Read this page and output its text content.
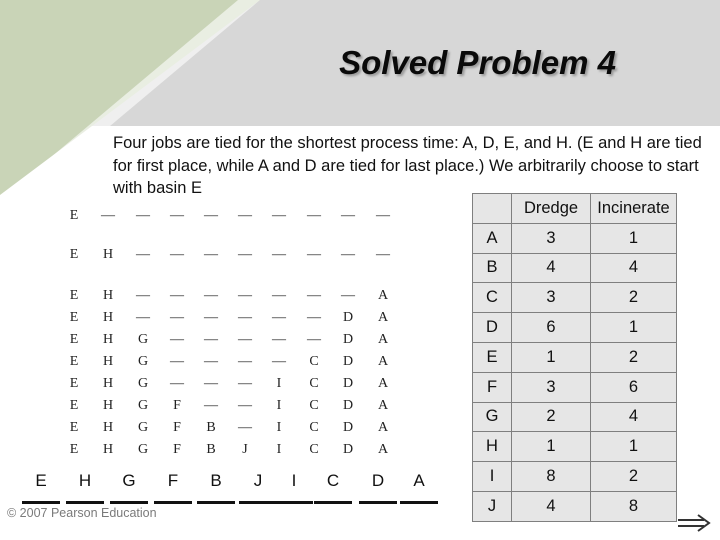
Solved Problem 4
Four jobs are tied for the shortest process time: A, D, E, and H. (E and H are tied for first place, while A and D are tied for last place.) We arbitrarily choose to start with basin E
E	—	—	—	—	—	—	—	—	—
E	H	—	—	—	—	—	—	—	—
E	H	—	—	—	—	—	—	—	A
E	H	—	—	—	—	—	—	D	A
E	H	G	—	—	—	—	—	D	A
E	H	G	—	—	—	—	C	D	A
E	H	G	—	—	—	I	C	D	A
E	H	G	F	—	—	I	C	D	A
E	H	G	F	B	—	I	C	D	A
E	H	G	F	B	J	I	C	D	A
E	H	G	F	B	J	I	C	D	A
	Dredge	Incinerate
A	3	1
B	4	4
C	3	2
D	6	1
E	1	2
F	3	6
G	2	4
H	1	1
I	8	2
J	4	8
© 2007 Pearson Education
